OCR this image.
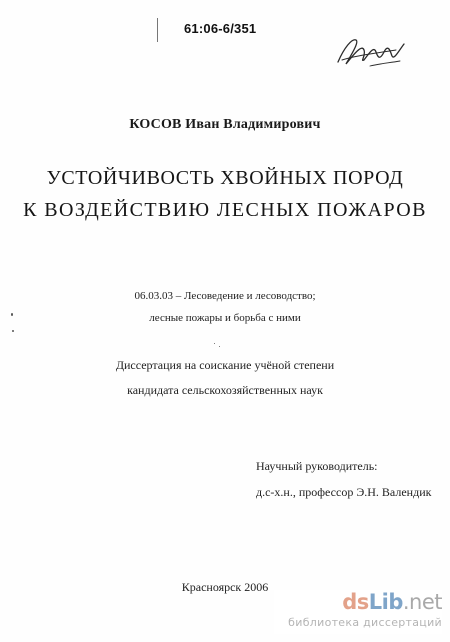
61:06-6/351
КОСОВ Иван Владимирович
УСТОЙЧИВОСТЬ ХВОЙНЫХ ПОРОД
К ВОЗДЕЙСТВИЮ ЛЕСНЫХ ПОЖАРОВ
06.03.03 – Лесоведение и лесоводство;
лесные пожары и борьба с ними
Диссертация на соискание учёной степени
кандидата сельскохозяйственных наук
Научный руководитель:
д.с-х.н., профессор Э.Н. Валендик
Красноярск 2006
dsLib.net
библиотека диссертаций
